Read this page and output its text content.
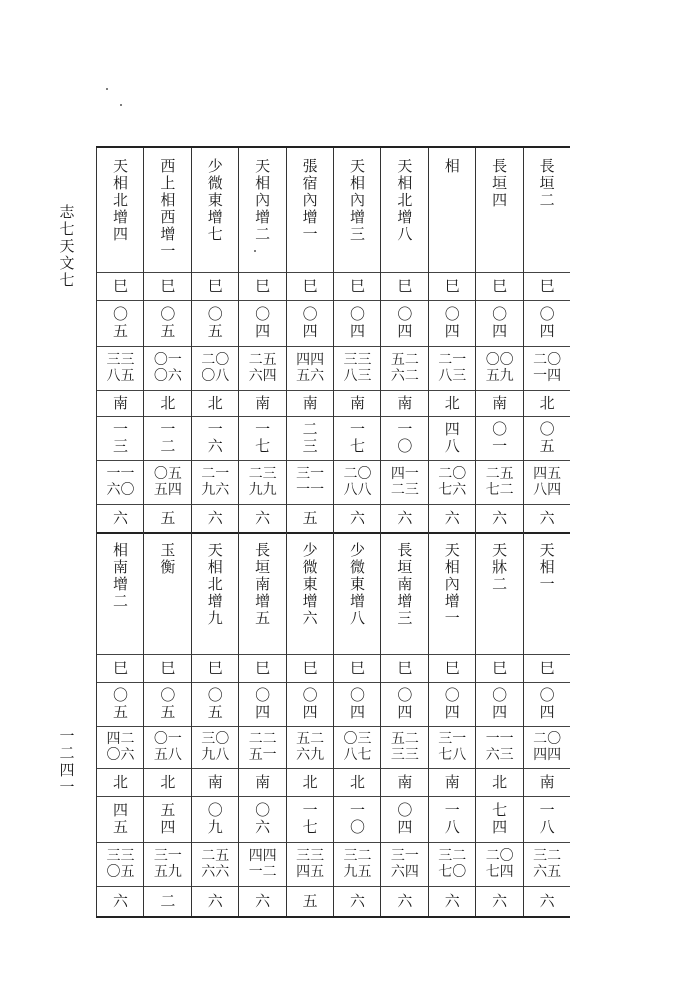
志七　天文七
一二四一
長垣二
巳
〇四
二〇一四
北
〇五
四五八四
六
天相一
巳
〇四
二〇四四
南
一八
三二六五
六
長垣四
巳
〇四
〇〇五九
南
〇一
二五七二
六
天牀二
巳
〇四
一一六三
北
七四
二〇七四
六
相
巳
〇四
二一八三
北
四八
二〇七六
六
天相內增一
巳
〇四
三一七八
南
一八
三二七〇
六
天相北增八
巳
〇四
五二六二
南
一〇
四一二三
六
長垣南增三
巳
〇四
五二三三
南
〇四
三一六四
六
天相內增三
巳
〇四
三三八三
南
一七
二〇八八
六
少微東增八
巳
〇四
〇三八七
北
一〇
三二九五
六
張宿內增一
巳
〇四
四四五六
南
二三
三一一一
五
少微東增六
巳
〇四
五二六九
北
一七
三三四五
五
天相內增二
巳
〇四
二五六四
南
一七
二三九九
六
長垣南增五
巳
〇四
二二五一
南
〇六
四四一二
六
少微東增七
巳
〇五
二〇〇八
北
一六
二一九六
六
天相北增九
巳
〇五
三〇九八
南
〇九
二五六六
六
西上相西增一
巳
〇五
〇一〇六
北
一二
〇五五四
五
玉衡
巳
〇五
〇一五八
北
五四
三一五九
二
天相北增四
巳
〇五
三三八五
南
一三
一一六〇
六
相南增二
巳
〇五
四二〇六
北
四五
三三〇五
六
